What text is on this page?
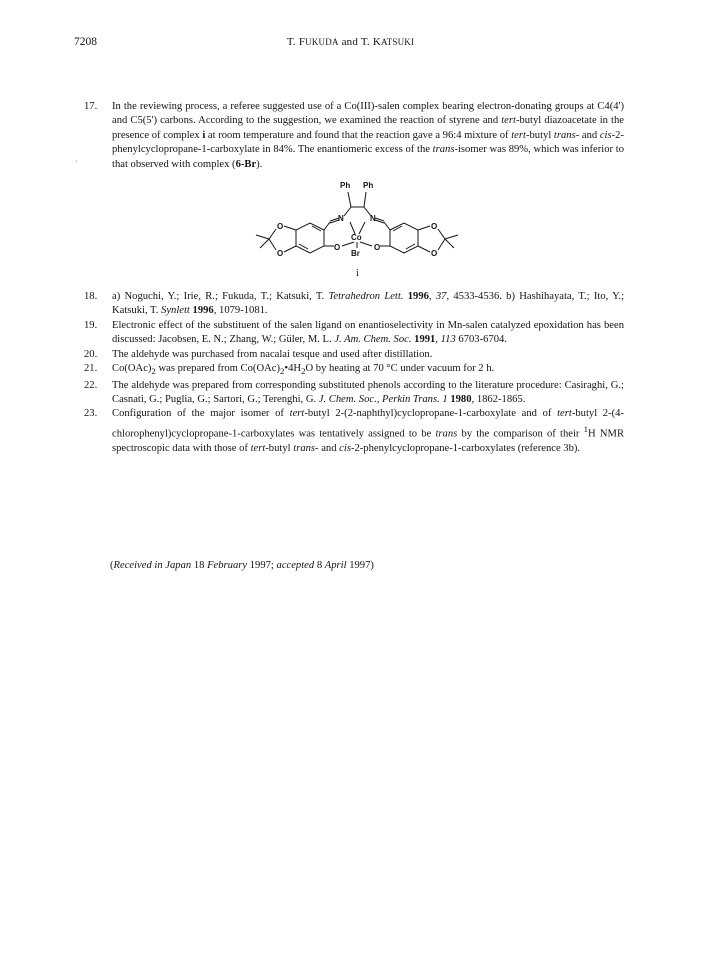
7208	T. FUKUDA and T. KATSUKI
·
17. In the reviewing process, a referee suggested use of a Co(III)-salen complex bearing electron-donating groups at C4(4') and C5(5') carbons. According to the suggestion, we examined the reaction of styrene and tert-butyl diazoacetate in the presence of complex i at room temperature and found that the reaction gave a 96:4 mixture of tert-butyl trans- and cis-2-phenylcyclopropane-1-carboxylate in 84%. The enantiomeric excess of the trans-isomer was 89%, which was inferior to that observed with complex (6-Br).
Ph Ph
N	N
Co
O	O
Br
O
O
O
O
i
18. a) Noguchi, Y.; Irie, R.; Fukuda, T.; Katsuki, T. Tetrahedron Lett. 1996, 37, 4533-4536. b) Hashihayata, T.; Ito, Y.; Katsuki, T. Synlett 1996, 1079-1081.
19. Electronic effect of the substituent of the salen ligand on enantioselectivity in Mn-salen catalyzed epoxidation has been discussed: Jacobsen, E. N.; Zhang, W.; Güler, M. L. J. Am. Chem. Soc. 1991, 113 6703-6704.
20. The aldehyde was purchased from nacalai tesque and used after distillation.
21. $Co(OAc)_2$ was prepared from $Co(OAc)_2•4H_2O$ by heating at 70 °C under vacuum for 2 h.
22. The aldehyde was prepared from corresponding substituted phenols according to the literature procedure: Casiraghi, G.; Casnati, G.; Puglia, G.; Sartori, G.; Terenghi, G. J. Chem. Soc., Perkin Trans. 1 1980, 1862-1865.
23. Configuration of the major isomer of tert-butyl 2-(2-naphthyl)cyclopropane-1-carboxylate and of tert-butyl 2-(4-chlorophenyl)cyclopropane-1-carboxylates was tentatively assigned to be trans by the comparison of their $^1$H NMR spectroscopic data with those of tert-butyl trans- and cis-2-phenylcyclopropane-1-carboxylates (reference 3b).
(Received in Japan 18 February 1997; accepted 8 April 1997)
